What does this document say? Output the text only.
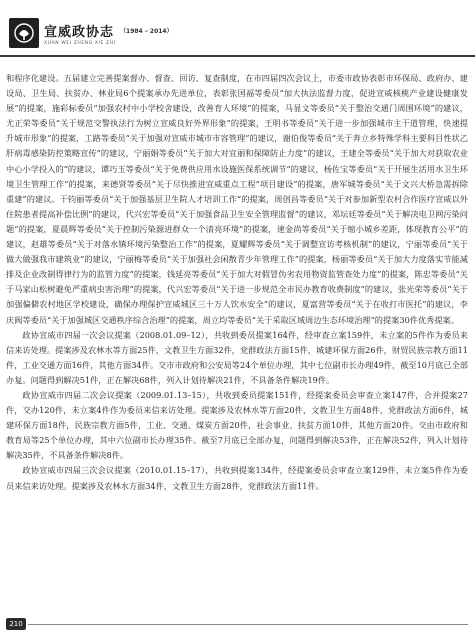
宣威政协志 （1984 – 2014）
XUAN WEI ZHENG XIE ZHI

和程序化建设。五届建立完善提案督办、督查、回访、复查制度，在市四届四次会议上，市委市政协表彰市环保局、政府办、建设局、卫生局、扶贫办、林业局6个提案承办先进单位，表彰张国福等委员“加大执法监督力度，促进宣威核桃产业建设健康发展”的提案，施彩标委员“加强农村中小学校舍建设，改善育人环境”的提案，马显文等委员“关于整治交通门周围环境”的建议，尤正荣等委员“关于规范交警执法行为树立宣威良好外界形象”的提案，王明书等委员“关于进一步加强城市主干道管理，快速提升城市形象”的提案，工路等委员“关于加强对宣威市城市市容管理”的建议，谢伯俊等委员“关于奔立乡特殊学科主要科目性状乙肝病毒感染防控策略宣传”的建议，宁丽娟等委员“关于加大对宜丽和保障防止力度”的建议，王建全等委员“关于加大对获取农业中心小学投入的”的建议，谭巧玉等委员“关于免费供应用水设施医保系统调节”的建议，杨佐宝等委员“关于开展生活用水卫生环境卫生管理工作”的提案，来德贤等委员“关于尽快推进宜威重点工程”项目建设”的提案，唐军城等委员“关于文兴大桥急需拆除重建”的建议。干钧丽等委员“关于加强基层卫生院人才培训工作”的提案，周创昌等委员“关于对参加新型农村合作医疗宣威以外住院患者提高补偿比例”的建议，代兴宏等委员“关于加强食品卫生安全管理监督”的建议，邓坛廷等委员“关于解决电卫网污染问题”的提案，夏晨辉等委员“关于控制污染源进群众一个清亮环境”的提案，速金尚等委员“关于缩小城乡差距，体现教育公平”的建议，赵雄等委员“关于对落水镇环境污染整治工作”的提案，夏耀辉等委员“关于调整宣访考核机制”的建议，宁丽等委员“关于做大做强我市建筑业”的建议，宁丽梅等委员“关于加强社会闲散青少年管理工作”的提案，杨丽等委员“关于加大力度落实节能减排及企业改制得律行为的监管力度”的提案，钱延亮等委员“关于加大对假冒伪劣农用物资监管查处力度”的提案，陈忠等委员“关于马家山松树避免严重病虫害治理”的提案，代兴宏等委员“关于进一步规范全市民办教育收费制度”的建议，张光荣等委员“关于加强偏僻农村地区学校建设，确保办理保护宣威城区三十万人饮水安全”的建议，夏富营等委员“关于在收打市医托”的建议，李庆阀等委员“关于加强城区交通秩序综合治理”的提案，周立均等委员“关于采取区域周边生态环境治理”的提案30件优秀提案。

政协宣威市四届一次会议提案（2008.01.09–12），共收到委员提案164件，经审查立案159件，未立案的5件作为委员来信来访处理。提案涉及农林水等方面25件，文教卫生方面32件，党群政法方面15件，城建环保方面26件，财贸民族宗教方面11件，工业交通方面16件，其他方面34件。交市市政府和公安局等24个单位办理，其中七位副市长办理49件，截至10月底已全部办复。问题得到解决51件，正在解决68件，列入计划待解决21件，不具备条件解决19件。

政协宣威市四届二次会议提案（2009.01.13–15），共收到委员提案151件，经提案委员会审查立案147件，合并提案27件，交办120件，未立案4件作为委员来信来访处理。提案涉及农林水等方面20件，文教卫生方面48件，党群政法方面6件，城建环保方面18件，民族宗教方面5件，工业、交通、煤炭方面20件，社会事业、扶贫方面10件，其他方面20件。交由市政府和教育局等25个单位办理，其中六位副市长办理35件。截至7月底已全部办复，问题得到解决53件，正在解决52件，列入计划待解决35件，不具备条件解决8件。

政协宣威市四届三次会议提案（2010.01.15–17），共收到提案134件，经提案委员会审查立案129件，未立案5件作为委员来信来访处理。提案涉及农林水方面34件，文教卫生方面28件，党群政法方面11件。

210
